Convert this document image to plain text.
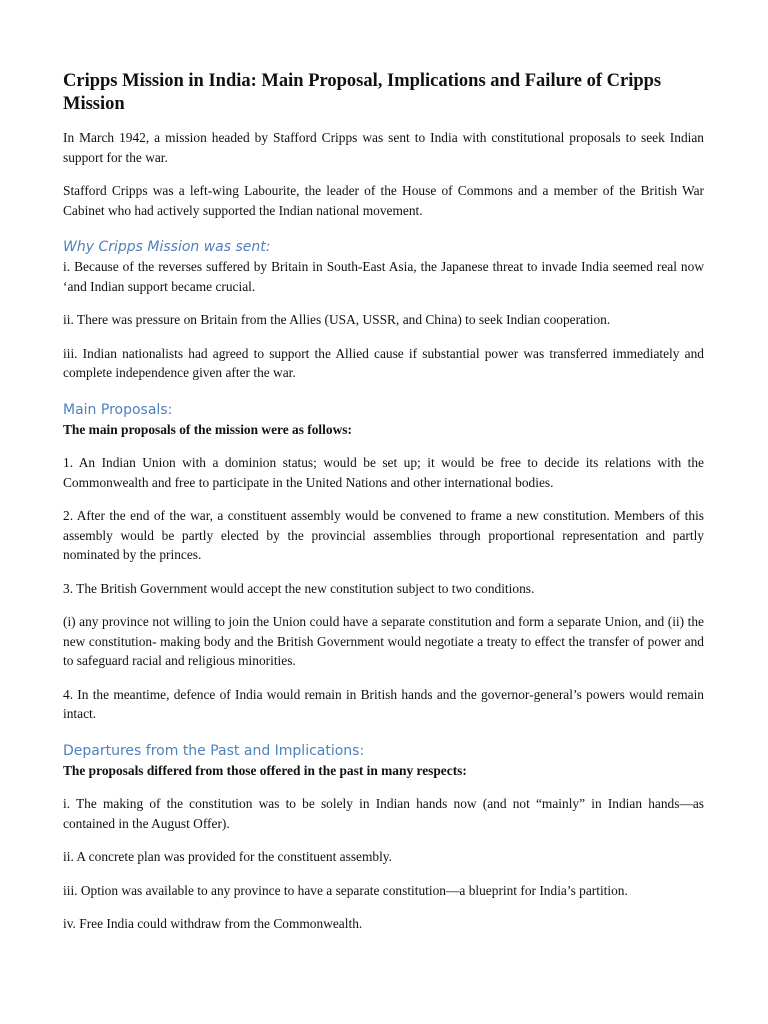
Cripps Mission in India: Main Proposal, Implications and Failure of Cripps Mission

In March 1942, a mission headed by Stafford Cripps was sent to India with constitutional proposals to seek Indian support for the war.

Stafford Cripps was a left-wing Labourite, the leader of the House of Commons and a member of the British War Cabinet who had actively supported the Indian national movement.

Why Cripps Mission was sent:

i. Because of the reverses suffered by Britain in South-East Asia, the Japanese threat to invade India seemed real now ‘and Indian support became crucial.

ii. There was pressure on Britain from the Allies (USA, USSR, and China) to seek Indian cooperation.

iii. Indian nationalists had agreed to support the Allied cause if substantial power was transferred immediately and complete independence given after the war.

Main Proposals:
The main proposals of the mission were as follows:

1. An Indian Union with a dominion status; would be set up; it would be free to decide its relations with the Commonwealth and free to participate in the United Nations and other international bodies.

2. After the end of the war, a constituent assembly would be convened to frame a new constitution. Members of this assembly would be partly elected by the provincial assemblies through proportional representation and partly nominated by the princes.

3. The British Government would accept the new constitution subject to two conditions.

(i) any province not willing to join the Union could have a separate constitution and form a separate Union, and (ii) the new constitution- making body and the British Government would negotiate a treaty to effect the transfer of power and to safeguard racial and religious minorities.

4. In the meantime, defence of India would remain in British hands and the governor-general’s powers would remain intact.

Departures from the Past and Implications:
The proposals differed from those offered in the past in many respects:

i. The making of the constitution was to be solely in Indian hands now (and not “mainly” in Indian hands—as contained in the August Offer).

ii. A concrete plan was provided for the constituent assembly.

iii. Option was available to any province to have a separate constitution—a blueprint for India’s partition.

iv. Free India could withdraw from the Commonwealth.
